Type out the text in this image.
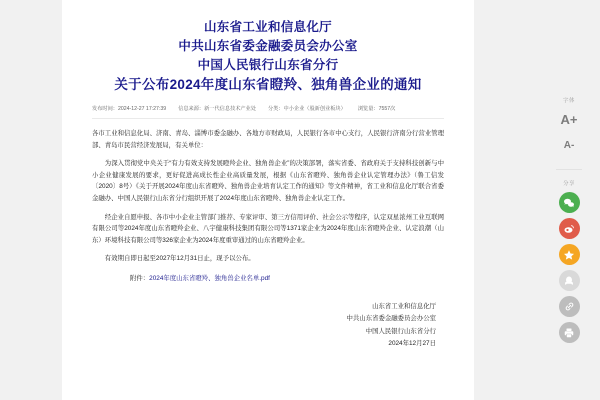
山东省工业和信息化厅
中共山东省委金融委员会办公室
中国人民银行山东省分行
关于公布2024年度山东省瞪羚、独角兽企业的通知
发布时间：2024-12-27 17:27:39 信息来源：新一代信息技术产业处 分类：中小企业（股新创业板块） 浏览量：7557次

各市工业和信息化局、济南、青岛、淄博市委金融办、各地方市财政局，人民银行各市中心支行，人民银行济南分行营业管理部、青岛市民营经济发展局，有关单位：

为深入贯彻党中央关于“有力有效支持发展瞪羚企业、独角兽企业”的决策部署，落实省委、省政府关于支持科技创新与中小企业健康发展的要求，更好促进高成长性企业高质量发展，根据《山东省瞪羚、独角兽企业认定管理办法》（鲁工信发〔2020〕8号）《关于开展2024年度山东省瞪羚、独角兽企业培育认定工作的通知》等文件精神，省工业和信息化厅联合省委金融办、中国人民银行山东省分行组织开展了2024年度山东省瞪羚、独角兽企业认定工作。

经企业自愿申报、各市中小企业主管部门推荐、专家评审、第三方信用评价、社会公示等程序，认定双星浓州工业互联网有限公司等2024年度山东省瞪羚企业、八宇健康科技集团有限公司等1371家企业为2024年度山东省瞪羚企业、认定浪潮（山东）环境科技有限公司等326家企业为2024年度重审通过的山东省瞪羚企业。

有效期自即日起至2027年12月31日止，现予以公布。

附件：2024年度山东省瞪羚、独角兽企业名单.pdf
山东省工业和信息化厅
中共山东省委金融委员会办公室
中国人民银行山东省分行
2024年12月27日
字体
A+
A-
分享
